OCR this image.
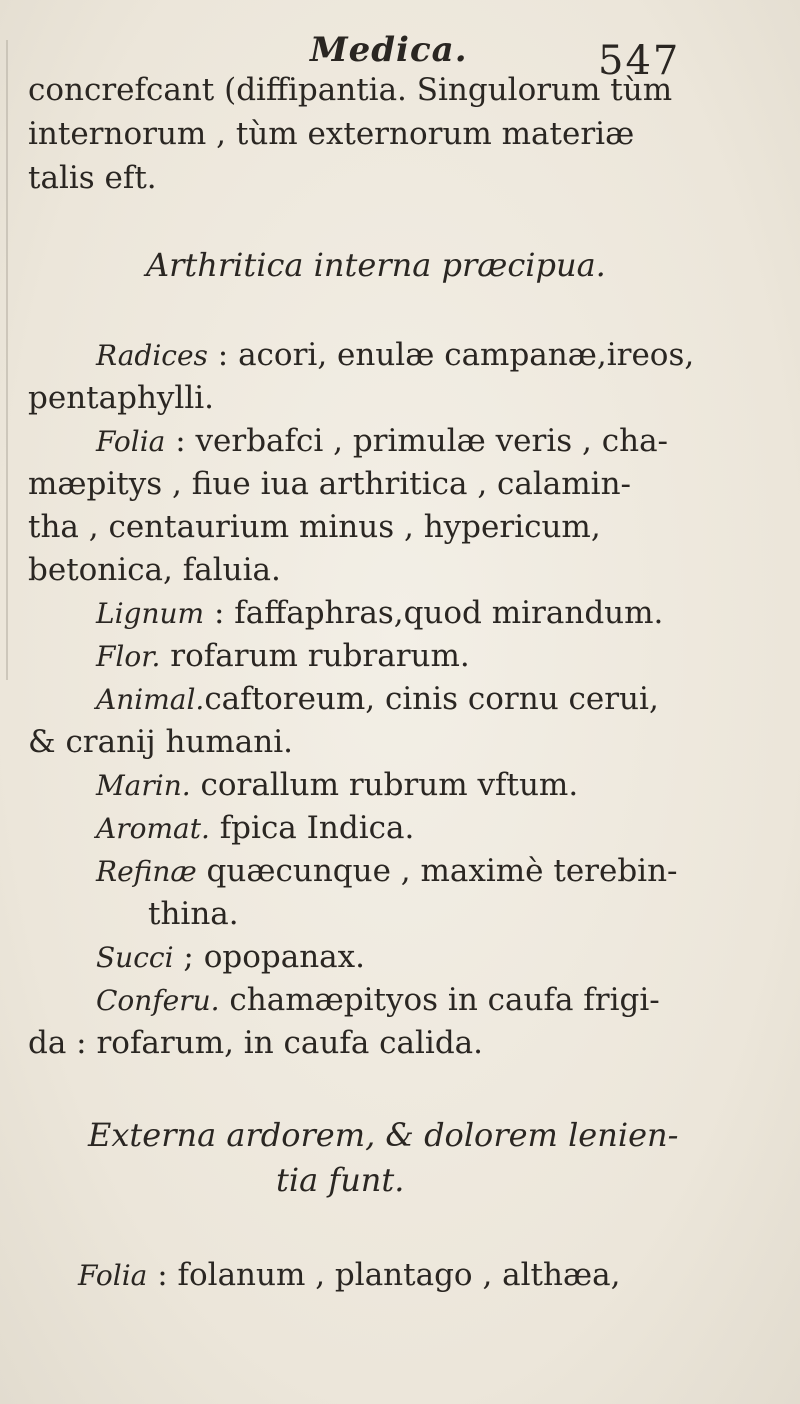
Medica.	547
concrefcant (diffipantia. Singulorum tùm
internorum , tùm externorum materiæ
talis eft.
Arthritica interna præcipua.
Radices : acori, enulæ campanæ,ireos,
pentaphylli.
Folia : verbafci , primulæ veris , cha-
mæpitys , fiue iua arthritica , calamin-
tha , centaurium minus , hypericum,
betonica, faluia.
Lignum : faffaphras,quod mirandum.
Flor. rofarum rubrarum.
Animal.caftoreum, cinis cornu cerui,
& cranij humani.
Marin. corallum rubrum vftum.
Aromat. fpica Indica.
Refinæ quæcunque , maximè terebin-
thina.
Succi ; opopanax.
Conferu. chamæpityos in caufa frigi-
da : rofarum, in caufa calida.
Externa ardorem, & dolorem lenien-
tia funt.
Folia : folanum , plantago , althæa,
